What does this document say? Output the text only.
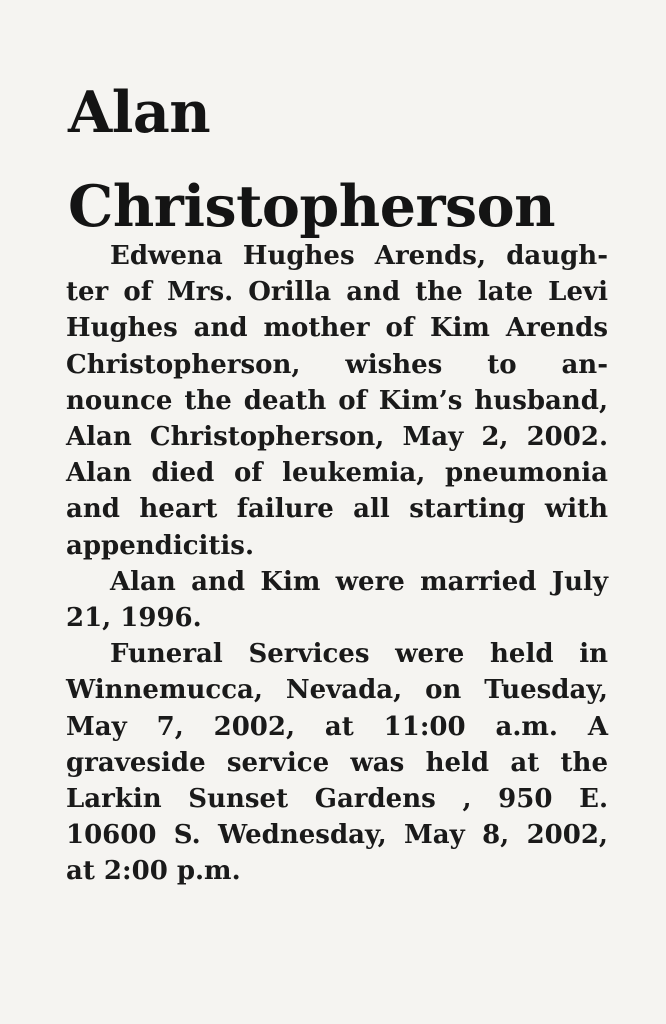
Alan
Christopherson
Edwena Hughes Arends, daugh-
ter of Mrs. Orilla and the late Levi
Hughes and mother of Kim Arends
Christopherson, wishes to an-
nounce the death of Kim’s husband,
Alan Christopherson, May 2, 2002.
Alan died of leukemia, pneumonia
and heart failure all starting with
appendicitis.
Alan and Kim were married July
21, 1996.
Funeral Services were held in
Winnemucca, Nevada, on Tuesday,
May 7, 2002, at 11:00 a.m. A
graveside service was held at the
Larkin Sunset Gardens , 950 E.
10600 S. Wednesday, May 8, 2002,
at 2:00 p.m.
